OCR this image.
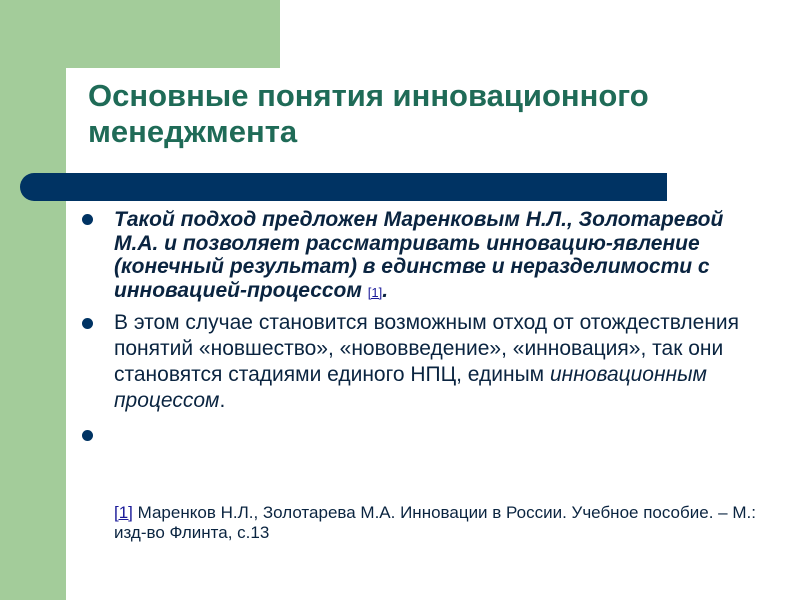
Основные понятия инновационного
менеджмента
Такой подход предложен Маренковым Н.Л., Золотаревой М.А. и позволяет рассматривать инновацию-явление (конечный результат) в единстве и неразделимости с инновацией-процессом [1].
В этом случае становится возможным отход от отождествления понятий «новшество», «нововведение», «инновация», так они становятся стадиями единого НПЦ, единым инновационным процессом.
[1] Маренков Н.Л., Золотарева М.А. Инновации в России. Учебное пособие. – М.: изд-во Флинта, с.13
